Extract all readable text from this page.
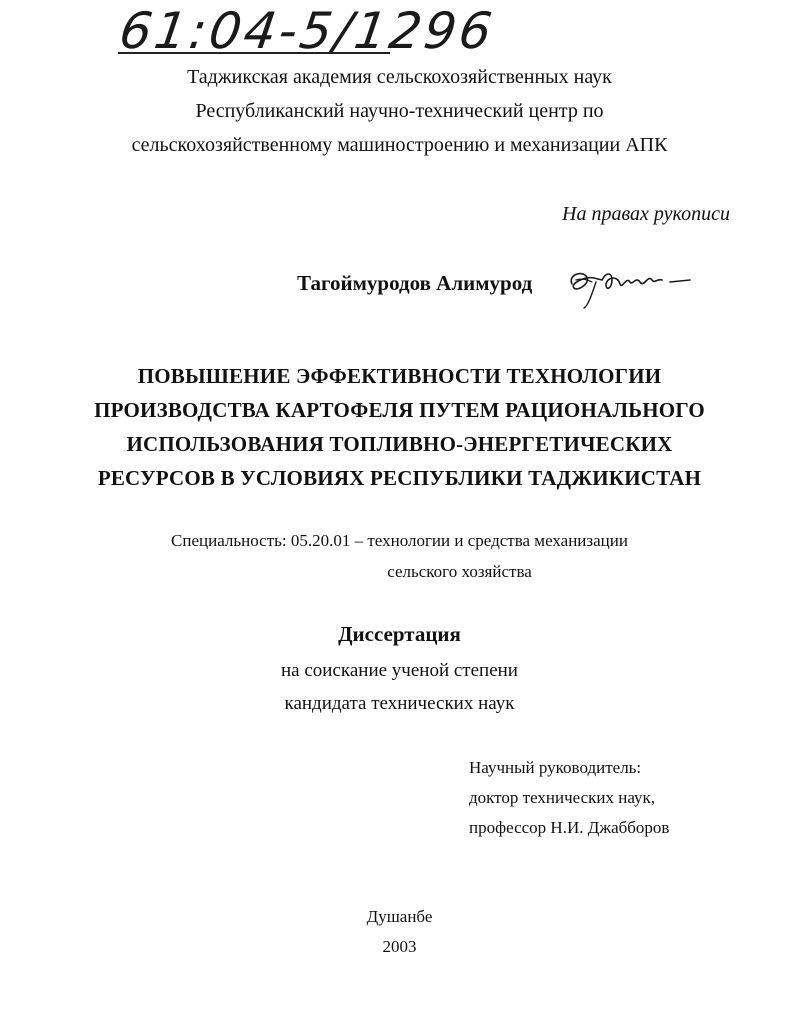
61:04-5/1296
Таджикская академия сельскохозяйственных наук
Республиканский научно-технический центр по
сельскохозяйственному машиностроению и механизации АПК
На правах рукописи
Тагоймуродов Алимурод
ПОВЫШЕНИЕ ЭФФЕКТИВНОСТИ ТЕХНОЛОГИИ
ПРОИЗВОДСТВА КАРТОФЕЛЯ ПУТЕМ РАЦИОНАЛЬНОГО
ИСПОЛЬЗОВАНИЯ ТОПЛИВНО-ЭНЕРГЕТИЧЕСКИХ
РЕСУРСОВ В УСЛОВИЯХ РЕСПУБЛИКИ ТАДЖИКИСТАН
Специальность: 05.20.01 – технологии и средства механизации
сельского хозяйства
Диссертация
на соискание ученой степени
кандидата технических наук
Научный руководитель:
доктор технических наук,
профессор Н.И. Джабборов
Душанбе
2003
